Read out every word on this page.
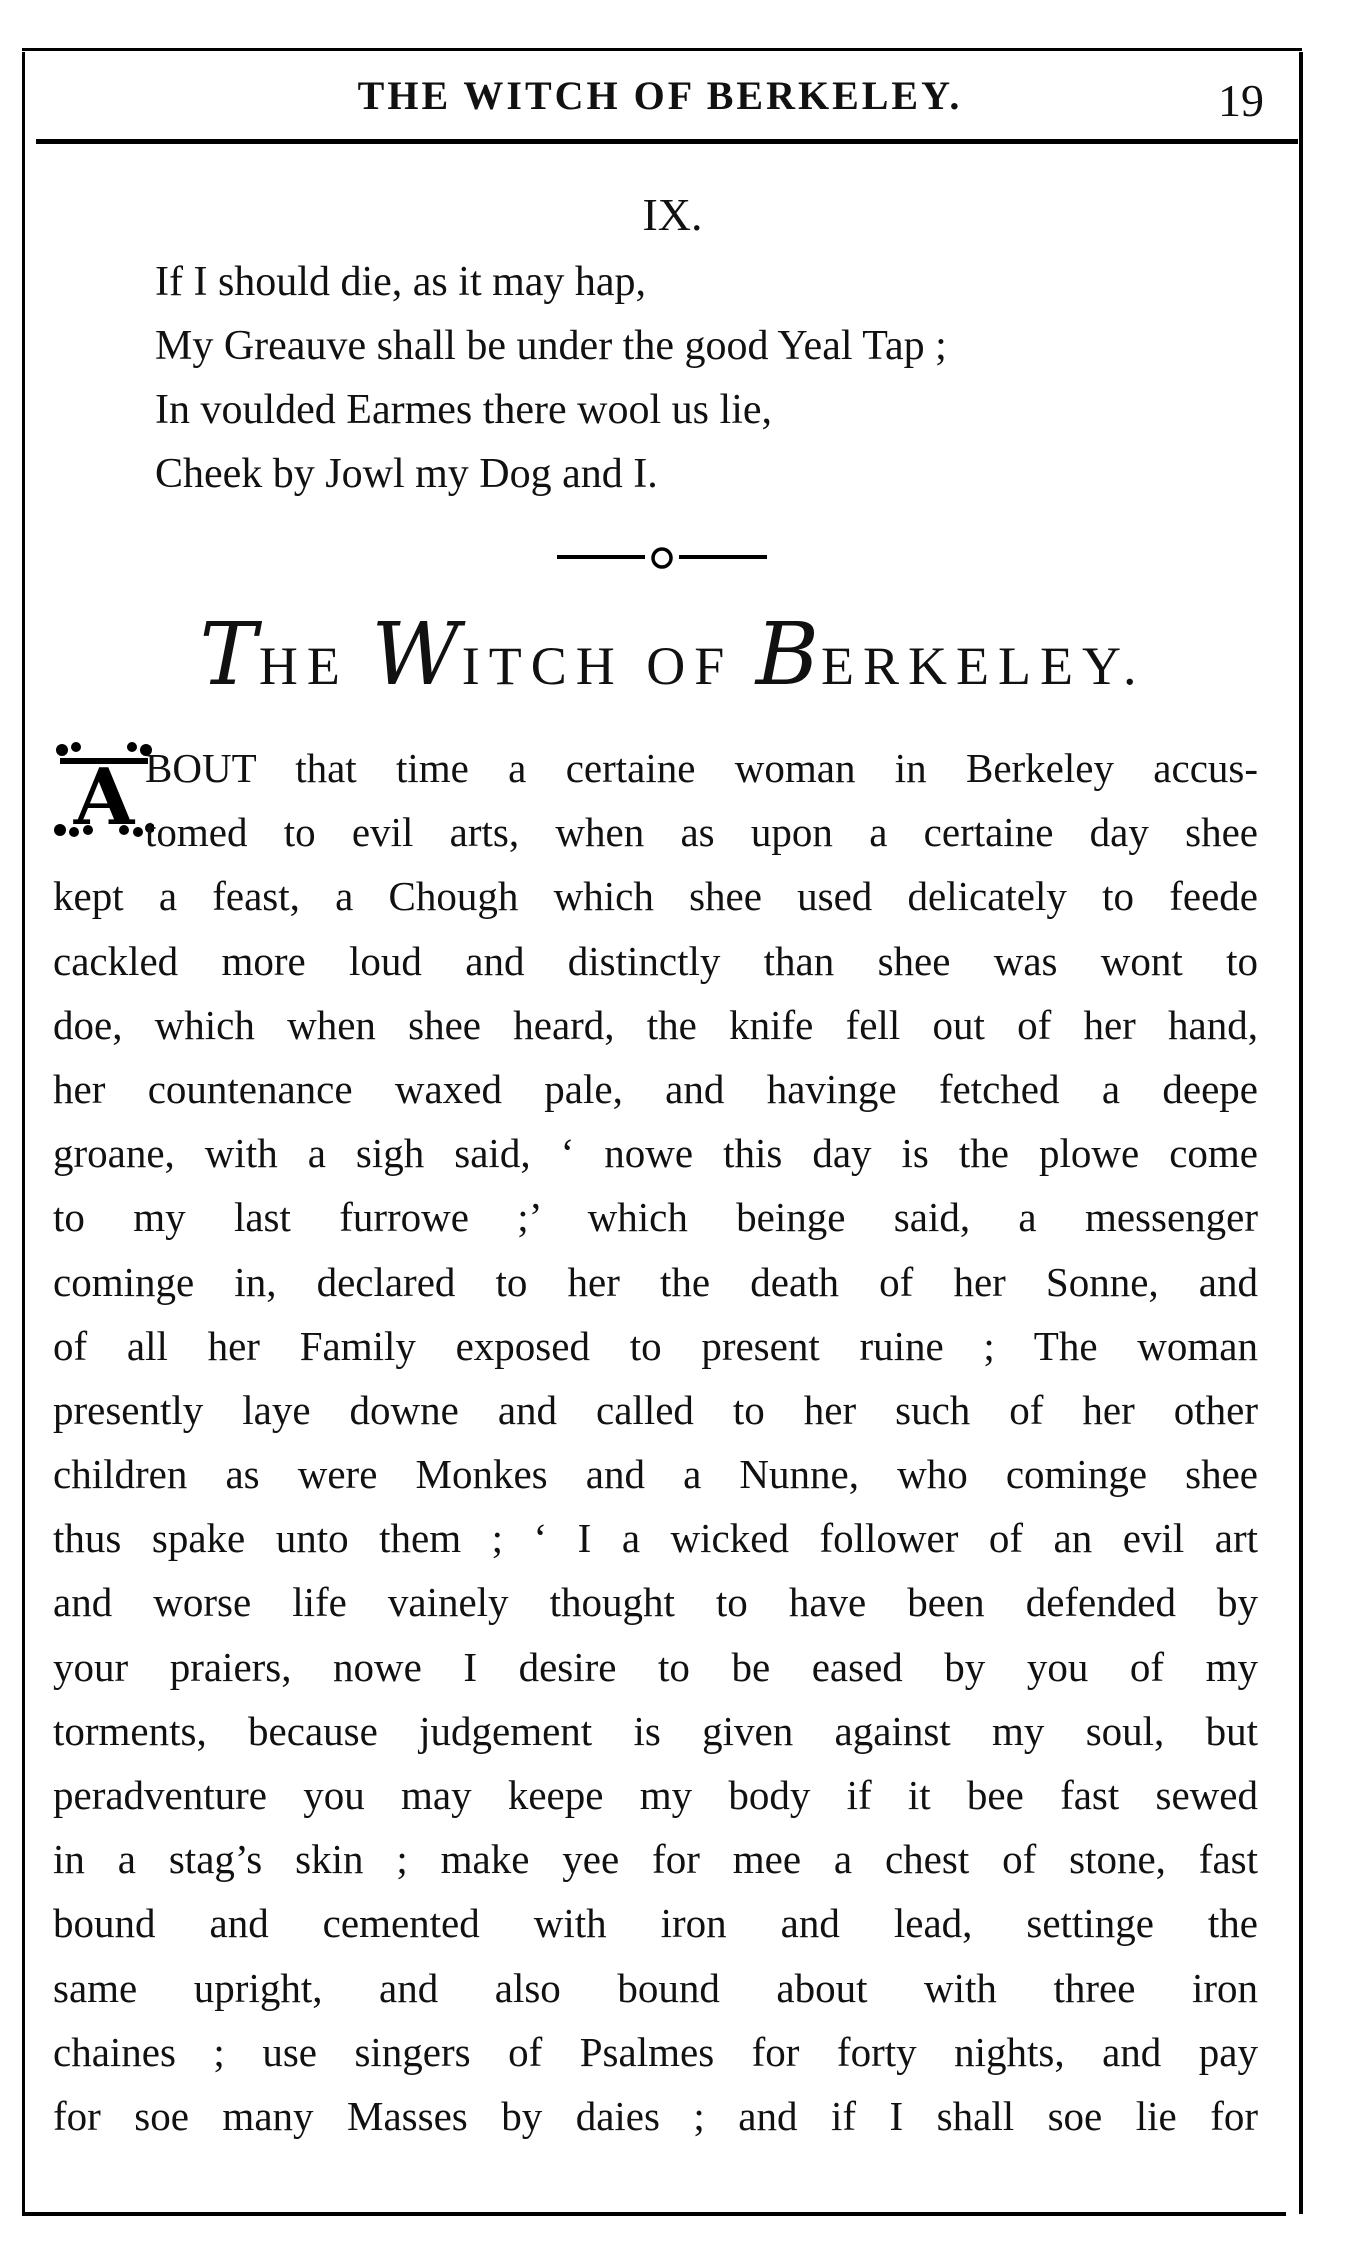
THE WITCH OF BERKELEY.	19
IX.
If I should die, as it may hap,
My Greauve shall be under the good Yeal Tap ;
In voulded Earmes there wool us lie,
Cheek by Jowl my Dog and I.
THE WITCH OF BERKELEY.
A BOUT that time a certaine woman in Berkeley accus-
tomed to evil arts, when as upon a certaine day shee
kept a feast, a Chough which shee used delicately to feede
cackled more loud and distinctly than shee was wont to
doe, which when shee heard, the knife fell out of her hand,
her countenance waxed pale, and havinge fetched a deepe
groane, with a sigh said, ‘ nowe this day is the plowe come
to my last furrowe ;’ which beinge said, a messenger
cominge in, declared to her the death of her Sonne, and
of all her Family exposed to present ruine ; The woman
presently laye downe and called to her such of her other
children as were Monkes and a Nunne, who cominge shee
thus spake unto them ; ‘ I a wicked follower of an evil art
and worse life vainely thought to have been defended by
your praiers, nowe I desire to be eased by you of my
torments, because judgement is given against my soul, but
peradventure you may keepe my body if it bee fast sewed
in a stag’s skin ; make yee for mee a chest of stone, fast
bound and cemented with iron and lead, settinge the
same upright, and also bound about with three iron
chaines ; use singers of Psalmes for forty nights, and pay
for soe many Masses by daies ; and if I shall soe lie for
